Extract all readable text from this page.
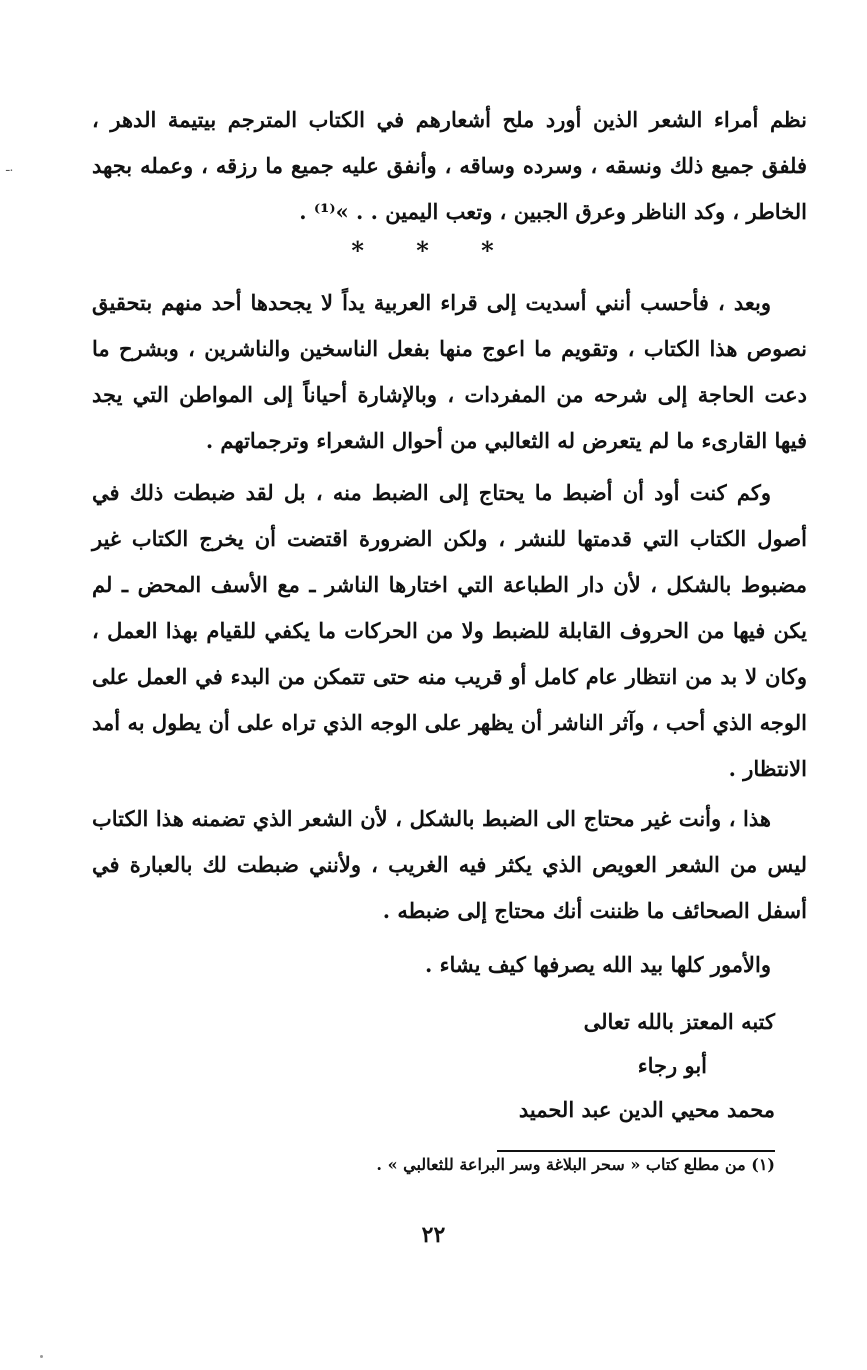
نظم أمراء الشعر الذين أورد ملح أشعارهم في الكتاب المترجم بيتيمة الدهر ، فلفق جميع ذلك ونسقه ، وسرده وساقه ، وأنفق عليه جميع ما رزقه ، وعمله بجهد الخاطر ، وكد الناظر وعرق الجبين ، وتعب اليمين . . »⁽¹⁾ .

* * *

وبعد ، فأحسب أنني أسديت إلى قراء العربية يداً لا يجحدها أحد منهم بتحقيق نصوص هذا الكتاب ، وتقويم ما اعوج منها بفعل الناسخين والناشرين ، وبشرح ما دعت الحاجة إلى شرحه من المفردات ، وبالإشارة أحياناً إلى المواطن التي يجد فيها القارىء ما لم يتعرض له الثعالبي من أحوال الشعراء وترجماتهم .

وكم كنت أود أن أضبط ما يحتاج إلى الضبط منه ، بل لقد ضبطت ذلك في أصول الكتاب التي قدمتها للنشر ، ولكن الضرورة اقتضت أن يخرج الكتاب غير مضبوط بالشكل ، لأن دار الطباعة التي اختارها الناشر ـ مع الأسف المحض ـ لم يكن فيها من الحروف القابلة للضبط ولا من الحركات ما يكفي للقيام بهذا العمل ، وكان لا بد من انتظار عام كامل أو قريب منه حتى تتمكن من البدء في العمل على الوجه الذي أحب ، وآثر الناشر أن يظهر على الوجه الذي تراه على أن يطول به أمد الانتظار .

هذا ، وأنت غير محتاج الى الضبط بالشكل ، لأن الشعر الذي تضمنه هذا الكتاب ليس من الشعر العويص الذي يكثر فيه الغريب ، ولأنني ضبطت لك بالعبارة في أسفل الصحائف ما ظننت أنك محتاج إلى ضبطه .

والأمور كلها بيد الله يصرفها كيف يشاء .

كتبه المعتز بالله تعالى
أبو رجاء
محمد محيي الدين عبد الحميد
(١) من مطلع كتاب « سحر البلاغة وسر البراعة للثعالبي » .
٢٢
ـ.
